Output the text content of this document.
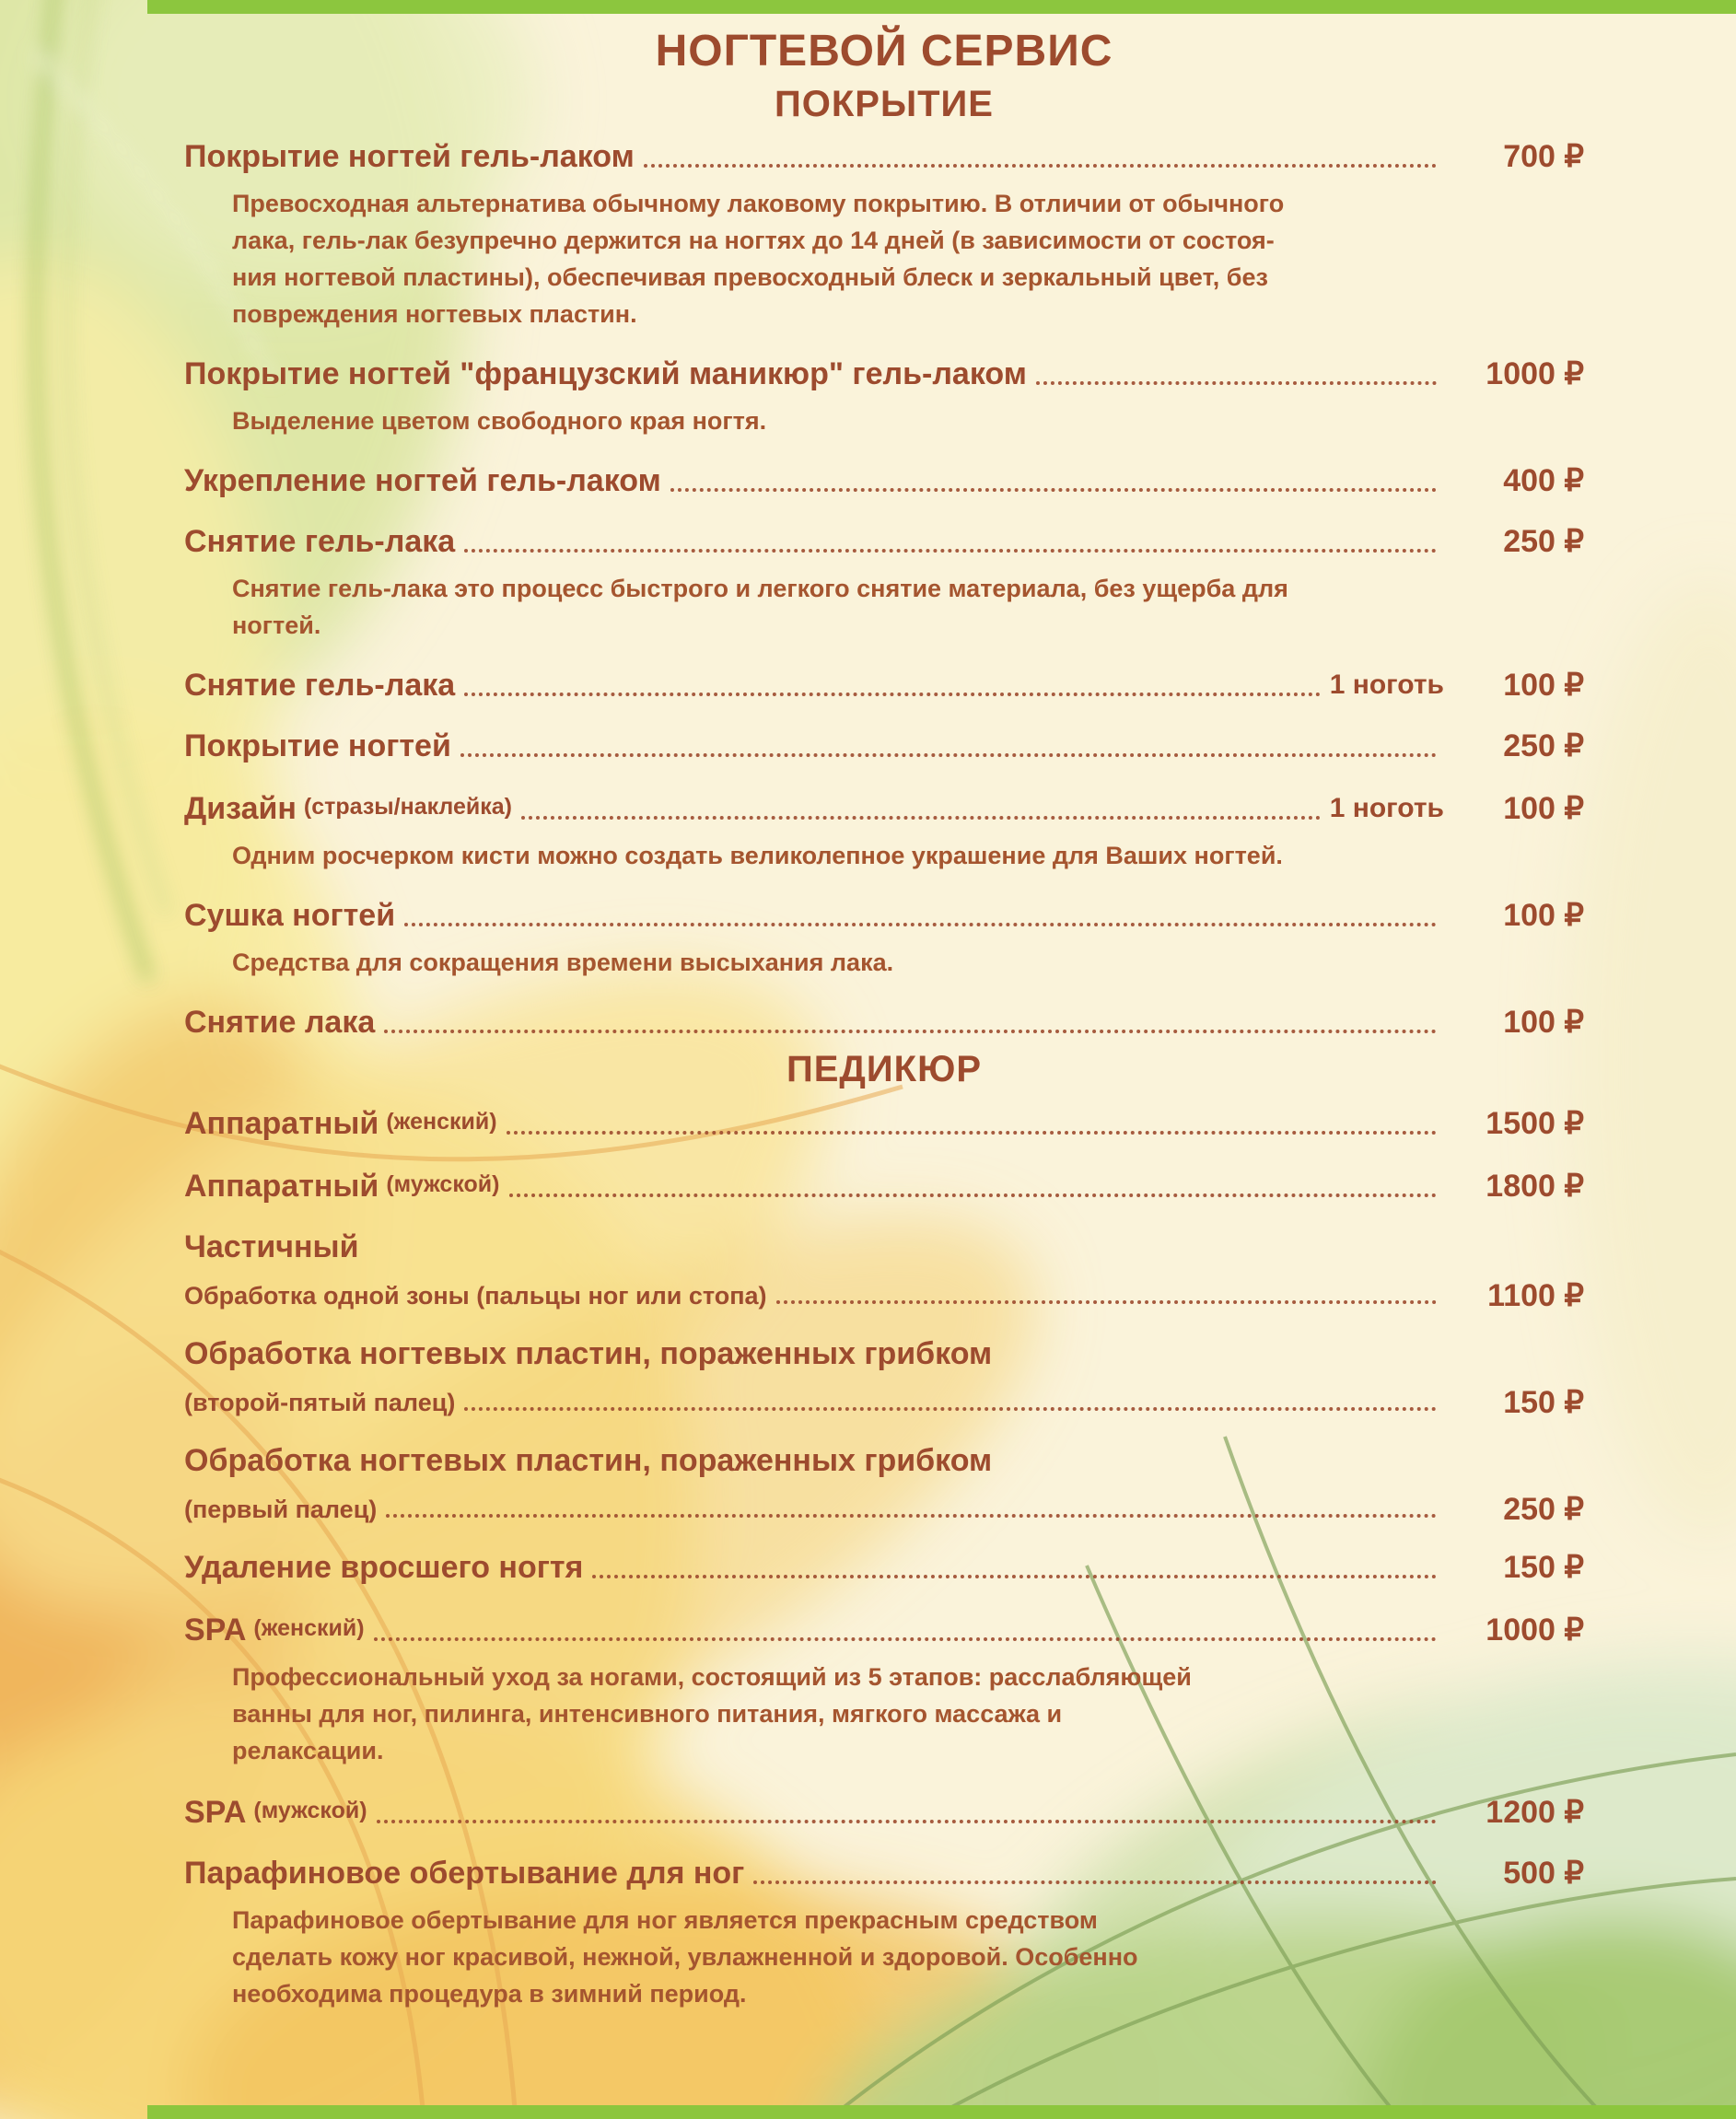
НОГТЕВОЙ СЕРВИС
ПОКРЫТИЕ
Покрытие ногтей гель-лаком	700 ₽
Превосходная альтернатива обычному лаковому покрытию. В отличии от обычного
лака, гель-лак безупречно держится на ногтях до 14 дней (в зависимости от состоя-
ния ногтевой пластины), обеспечивая превосходный блеск и зеркальный цвет, без
повреждения ногтевых пластин.
Покрытие ногтей "французский маникюр" гель-лаком	1000 ₽
Выделение цветом свободного края ногтя.
Укрепление ногтей гель-лаком	400 ₽
Снятие гель-лака	250 ₽
Снятие гель-лака это процесс быстрого и легкого снятие материала, без ущерба для
ногтей.
Снятие гель-лака	1 ноготь	100 ₽
Покрытие ногтей	250 ₽
Дизайн (стразы/наклейка)	1 ноготь	100 ₽
Одним росчерком кисти можно создать великолепное украшение для Ваших ногтей.
Сушка ногтей	100 ₽
Средства для сокращения времени высыхания лака.
Снятие лака	100 ₽
ПЕДИКЮР
Аппаратный (женский)	1500 ₽
Аппаратный (мужской)	1800 ₽
Частичный
Обработка одной зоны (пальцы ног или стопа)	1100 ₽
Обработка ногтевых пластин, пораженных грибком
(второй-пятый палец)	150 ₽
Обработка ногтевых пластин, пораженных грибком
(первый палец)	250 ₽
Удаление вросшего ногтя	150 ₽
SPA (женский)	1000 ₽
Профессиональный уход за ногами, состоящий из 5 этапов: расслабляющей
ванны для ног, пилинга, интенсивного питания, мягкого массажа и
релаксации.
SPA (мужской)	1200 ₽
Парафиновое обертывание для ног	500 ₽
Парафиновое обертывание для ног является прекрасным средством
сделать кожу ног красивой, нежной, увлажненной и здоровой. Особенно
необходима процедура в зимний период.
